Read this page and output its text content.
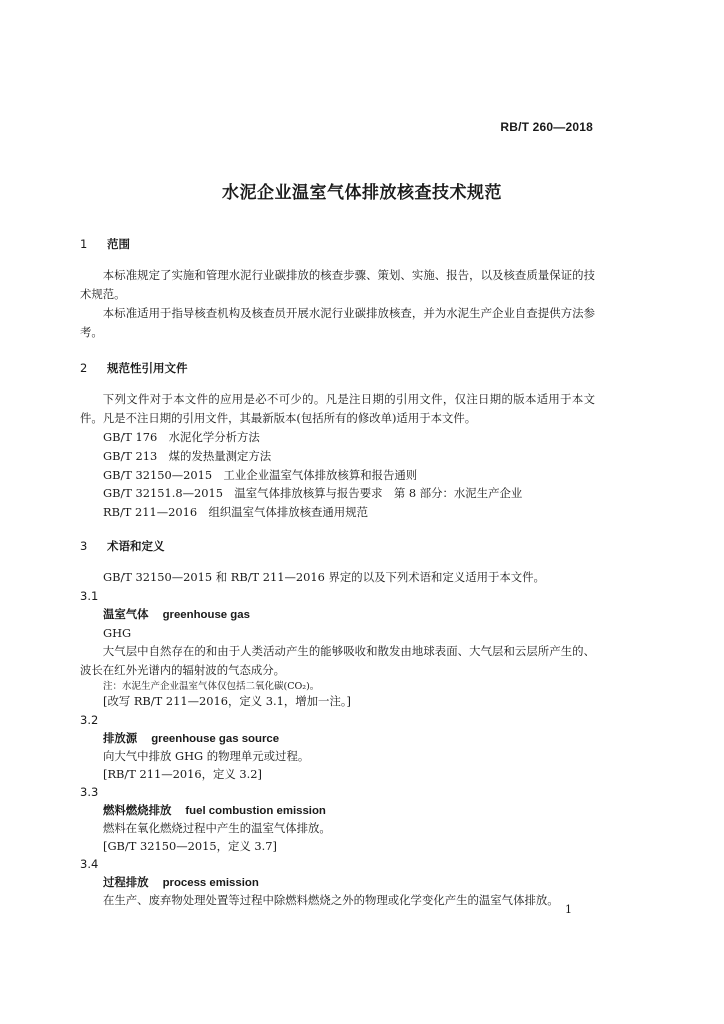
RB/T 260—2018
水泥企业温室气体排放核查技术规范
1 范围
本标准规定了实施和管理水泥行业碳排放的核查步骤、策划、实施、报告，以及核查质量保证的技术规范。
本标准适用于指导核查机构及核查员开展水泥行业碳排放核查，并为水泥生产企业自查提供方法参考。
2 规范性引用文件
下列文件对于本文件的应用是必不可少的。凡是注日期的引用文件，仅注日期的版本适用于本文件。凡是不注日期的引用文件，其最新版本(包括所有的修改单)适用于本文件。
GB/T 176　水泥化学分析方法
GB/T 213　煤的发热量测定方法
GB/T 32150—2015　工业企业温室气体排放核算和报告通则
GB/T 32151.8—2015　温室气体排放核算与报告要求　第 8 部分：水泥生产企业
RB/T 211—2016　组织温室气体排放核查通用规范
3 术语和定义
GB/T 32150—2015 和 RB/T 211—2016 界定的以及下列术语和定义适用于本文件。
3.1
温室气体 greenhouse gas
GHG
大气层中自然存在的和由于人类活动产生的能够吸收和散发由地球表面、大气层和云层所产生的、波长在红外光谱内的辐射波的气态成分。
注：水泥生产企业温室气体仅包括二氧化碳(CO₂)。
[改写 RB/T 211—2016，定义 3.1，增加一注。]
3.2
排放源 greenhouse gas source
向大气中排放 GHG 的物理单元或过程。
[RB/T 211—2016，定义 3.2]
3.3
燃料燃烧排放 fuel combustion emission
燃料在氧化燃烧过程中产生的温室气体排放。
[GB/T 32150—2015，定义 3.7]
3.4
过程排放 process emission
在生产、废弃物处理处置等过程中除燃料燃烧之外的物理或化学变化产生的温室气体排放。
1
